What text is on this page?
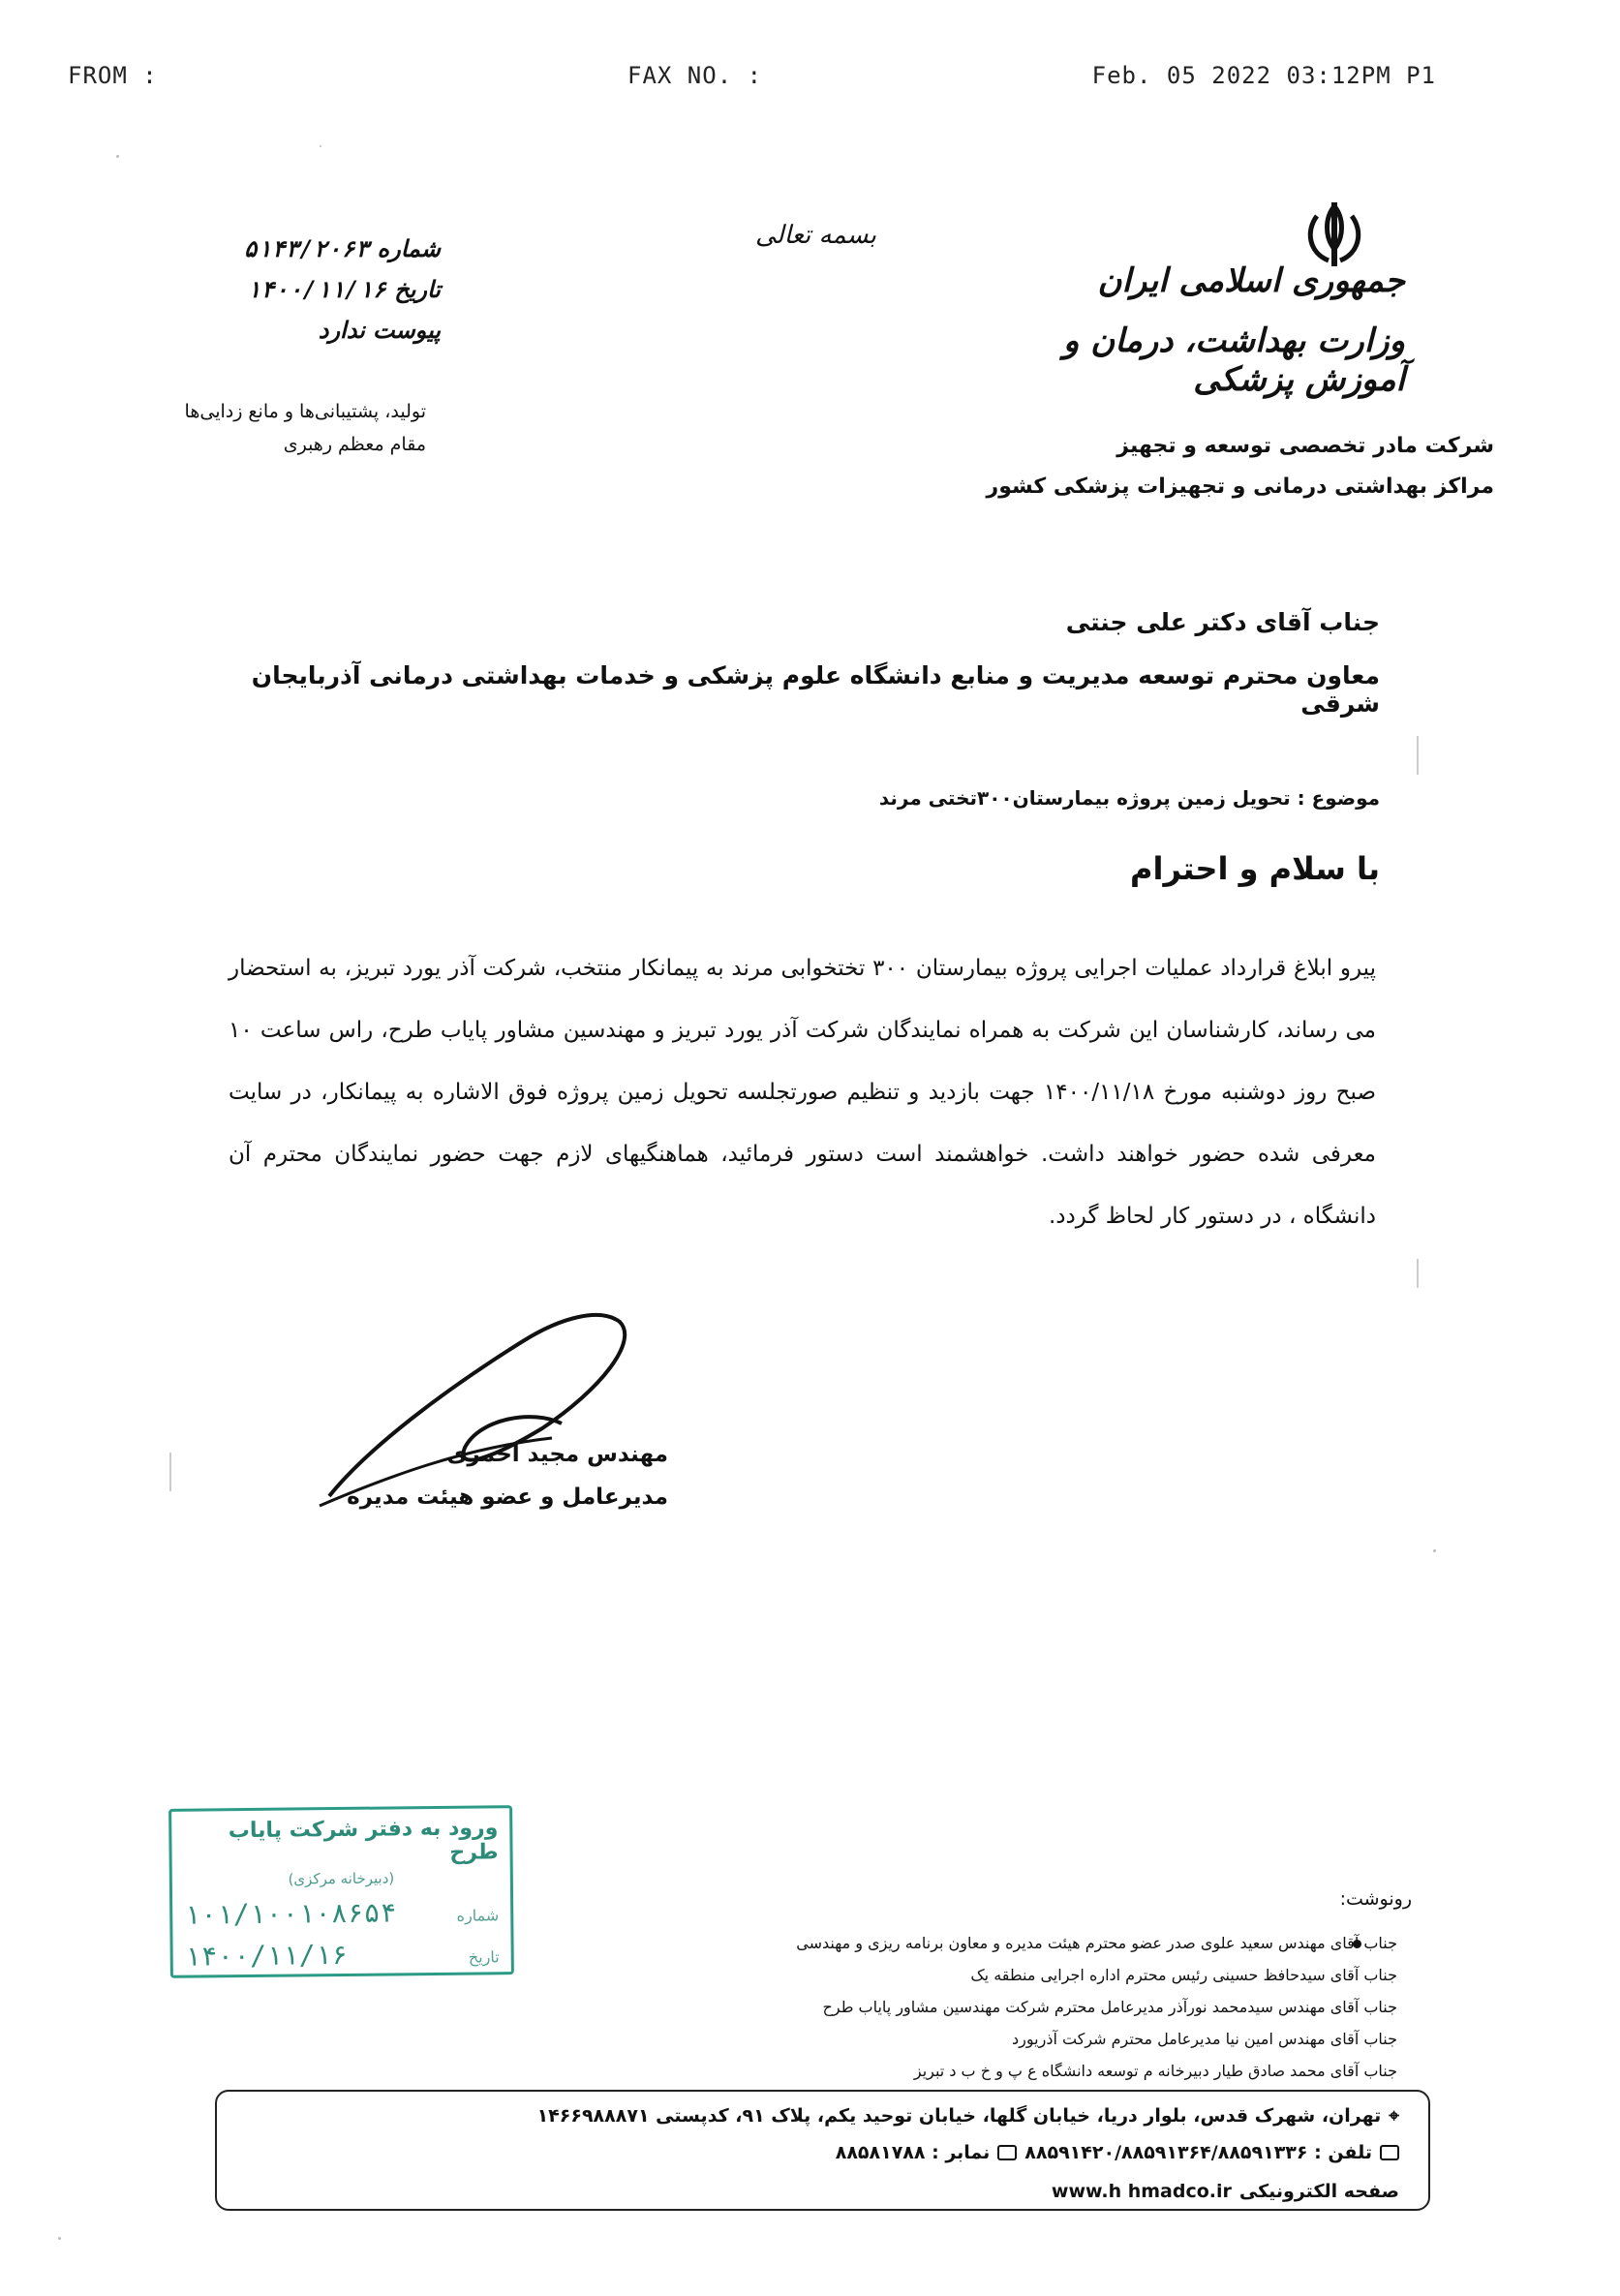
FROM :	FAX NO. :	Feb. 05 2022 03:12PM P1
بسمه تعالی
جمهوری اسلامی ایران
وزارت بهداشت، درمان و آموزش پزشکی
شرکت مادر تخصصی توسعه و تجهیز
مراکز بهداشتی درمانی و تجهیزات پزشکی کشور
شماره
۵۱۴۳/۲۰۶۳
تاریخ
۱۴۰۰/۱۱/۱۶
پیوست
ندارد
تولید، پشتیبانی‌ها و مانع زدایی‌ها
مقام معظم رهبری
جناب آقای دکتر علی جنتی
معاون محترم توسعه مدیریت و منابع دانشگاه علوم پزشکی و خدمات بهداشتی درمانی آذربایجان شرقی
موضوع : تحویل زمین پروژه بیمارستان۳۰۰تختی مرند
با سلام و احترام
پیرو ابلاغ قرارداد عملیات اجرایی پروژه بیمارستان ۳۰۰ تختخوابی مرند به پیمانکار منتخب، شرکت آذر یورد تبریز، به استحضار می رساند، کارشناسان این شرکت به همراه نمایندگان شرکت آذر یورد تبریز و مهندسین مشاور پایاب طرح، راس ساعت ۱۰ صبح روز دوشنبه مورخ ۱۴۰۰/۱۱/۱۸ جهت بازدید و تنظیم صورتجلسه تحویل زمین پروژه فوق الاشاره به پیمانکار، در سایت معرفی شده حضور خواهند داشت. خواهشمند است دستور فرمائید، هماهنگیهای لازم جهت حضور نمایندگان محترم آن دانشگاه ، در دستور کار لحاظ گردد.
مهندس مجید احمری
مدیرعامل و عضو هیئت مدیره
ورود به دفتر شرکت پایاب طرح
(دبیرخانه مرکزی)
شماره
۱۰۱/۱۰۰۱۰۸۶۵۴
تاریخ
۱۴۰۰/۱۱/۱۶
رونوشت:
جناب آقای مهندس سعید علوی صدر عضو محترم هیئت مدیره و معاون برنامه ریزی و مهندسی
جناب آقای سیدحافظ حسینی رئیس محترم اداره اجرایی منطقه یک
جناب آقای مهندس سیدمحمد نورآذر مدیرعامل محترم شرکت مهندسین مشاور پایاب طرح
جناب آقای مهندس امین نیا مدیرعامل محترم شرکت آذریورد
جناب آقای محمد صادق طیار دبیرخانه م توسعه دانشگاه ع پ و خ ب د تبریز
⌖
تهران، شهرک قدس، بلوار دریا، خیابان گلها، خیابان توحید یکم، پلاک ۹۱، کدپستی ۱۴۶۶۹۸۸۸۷۱
تلفن : ۸۸۵۹۱۴۲۰/۸۸۵۹۱۳۶۴/۸۸۵۹۱۳۳۶
نمابر : ۸۸۵۸۱۷۸۸
صفحه الکترونیکی
www.h hmadco.ir
